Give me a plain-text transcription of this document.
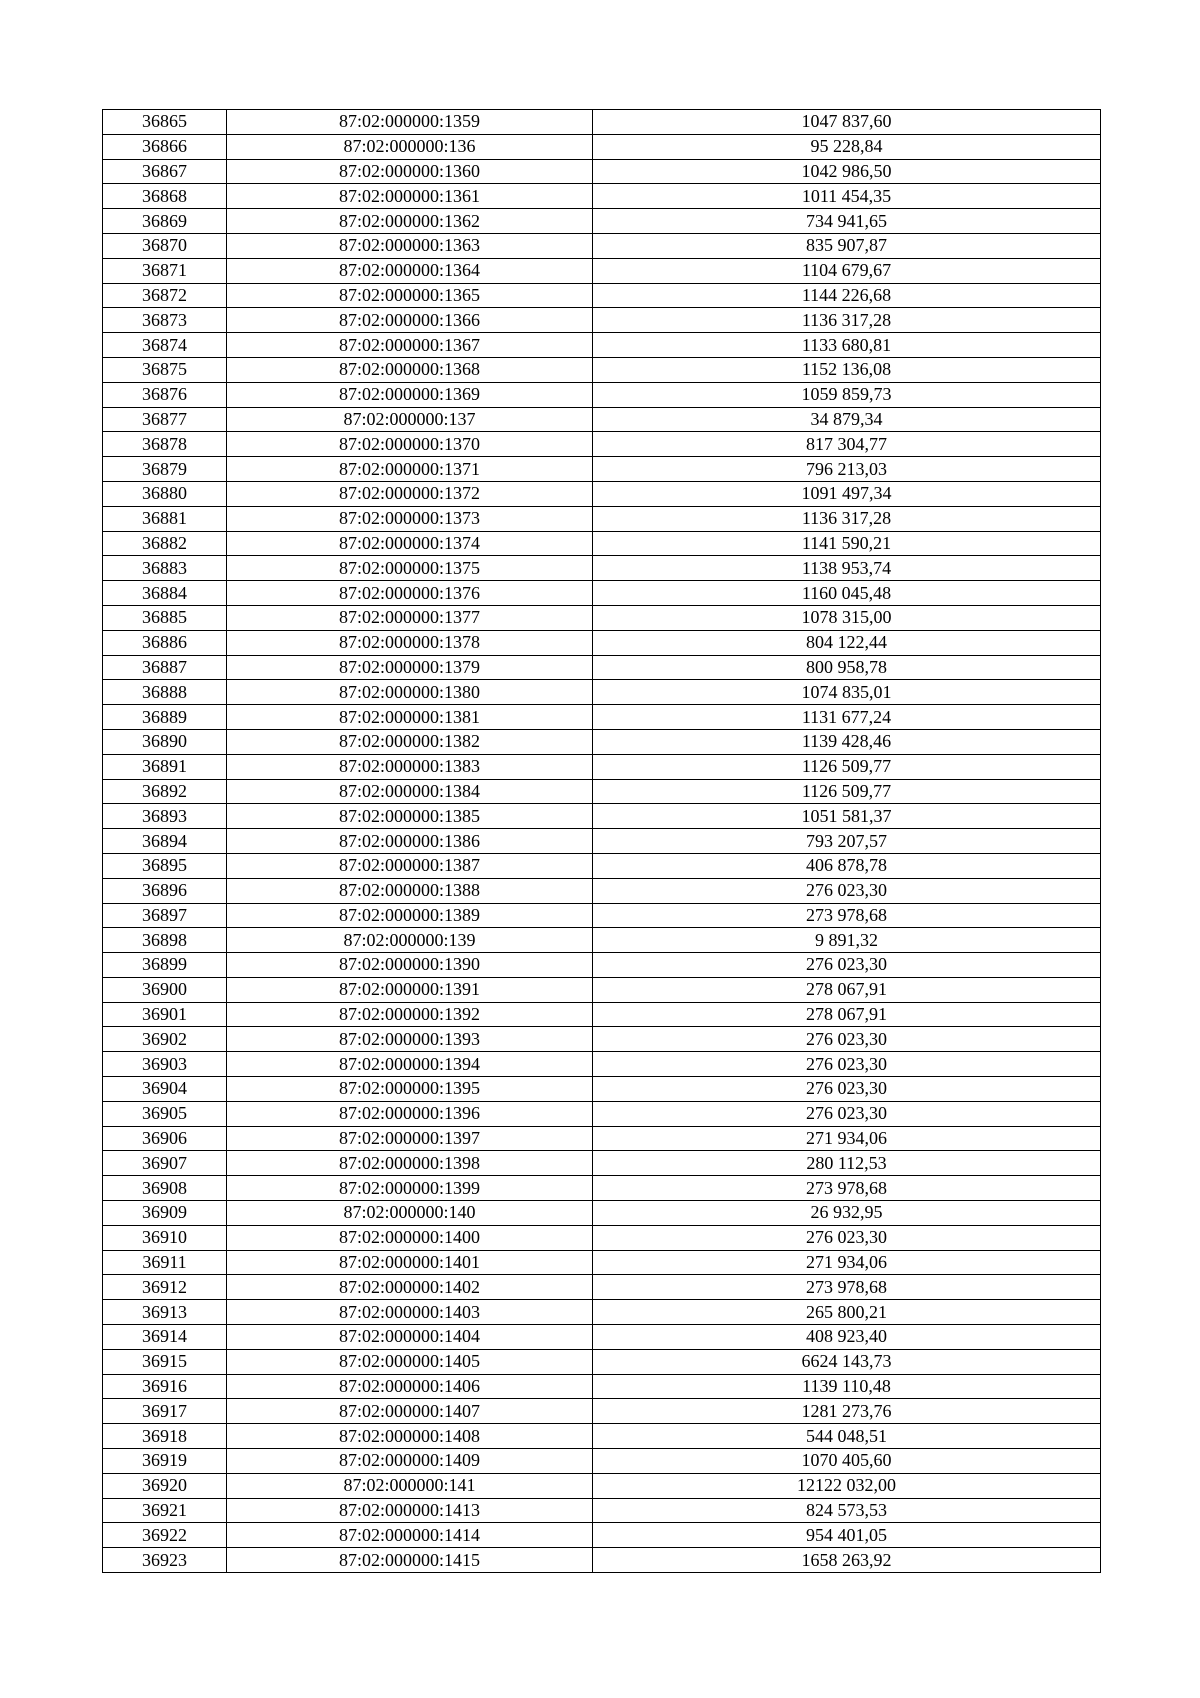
36865	87:02:000000:1359	1047 837,60
36866	87:02:000000:136	95 228,84
36867	87:02:000000:1360	1042 986,50
36868	87:02:000000:1361	1011 454,35
36869	87:02:000000:1362	734 941,65
36870	87:02:000000:1363	835 907,87
36871	87:02:000000:1364	1104 679,67
36872	87:02:000000:1365	1144 226,68
36873	87:02:000000:1366	1136 317,28
36874	87:02:000000:1367	1133 680,81
36875	87:02:000000:1368	1152 136,08
36876	87:02:000000:1369	1059 859,73
36877	87:02:000000:137	34 879,34
36878	87:02:000000:1370	817 304,77
36879	87:02:000000:1371	796 213,03
36880	87:02:000000:1372	1091 497,34
36881	87:02:000000:1373	1136 317,28
36882	87:02:000000:1374	1141 590,21
36883	87:02:000000:1375	1138 953,74
36884	87:02:000000:1376	1160 045,48
36885	87:02:000000:1377	1078 315,00
36886	87:02:000000:1378	804 122,44
36887	87:02:000000:1379	800 958,78
36888	87:02:000000:1380	1074 835,01
36889	87:02:000000:1381	1131 677,24
36890	87:02:000000:1382	1139 428,46
36891	87:02:000000:1383	1126 509,77
36892	87:02:000000:1384	1126 509,77
36893	87:02:000000:1385	1051 581,37
36894	87:02:000000:1386	793 207,57
36895	87:02:000000:1387	406 878,78
36896	87:02:000000:1388	276 023,30
36897	87:02:000000:1389	273 978,68
36898	87:02:000000:139	9 891,32
36899	87:02:000000:1390	276 023,30
36900	87:02:000000:1391	278 067,91
36901	87:02:000000:1392	278 067,91
36902	87:02:000000:1393	276 023,30
36903	87:02:000000:1394	276 023,30
36904	87:02:000000:1395	276 023,30
36905	87:02:000000:1396	276 023,30
36906	87:02:000000:1397	271 934,06
36907	87:02:000000:1398	280 112,53
36908	87:02:000000:1399	273 978,68
36909	87:02:000000:140	26 932,95
36910	87:02:000000:1400	276 023,30
36911	87:02:000000:1401	271 934,06
36912	87:02:000000:1402	273 978,68
36913	87:02:000000:1403	265 800,21
36914	87:02:000000:1404	408 923,40
36915	87:02:000000:1405	6624 143,73
36916	87:02:000000:1406	1139 110,48
36917	87:02:000000:1407	1281 273,76
36918	87:02:000000:1408	544 048,51
36919	87:02:000000:1409	1070 405,60
36920	87:02:000000:141	12122 032,00
36921	87:02:000000:1413	824 573,53
36922	87:02:000000:1414	954 401,05
36923	87:02:000000:1415	1658 263,92
